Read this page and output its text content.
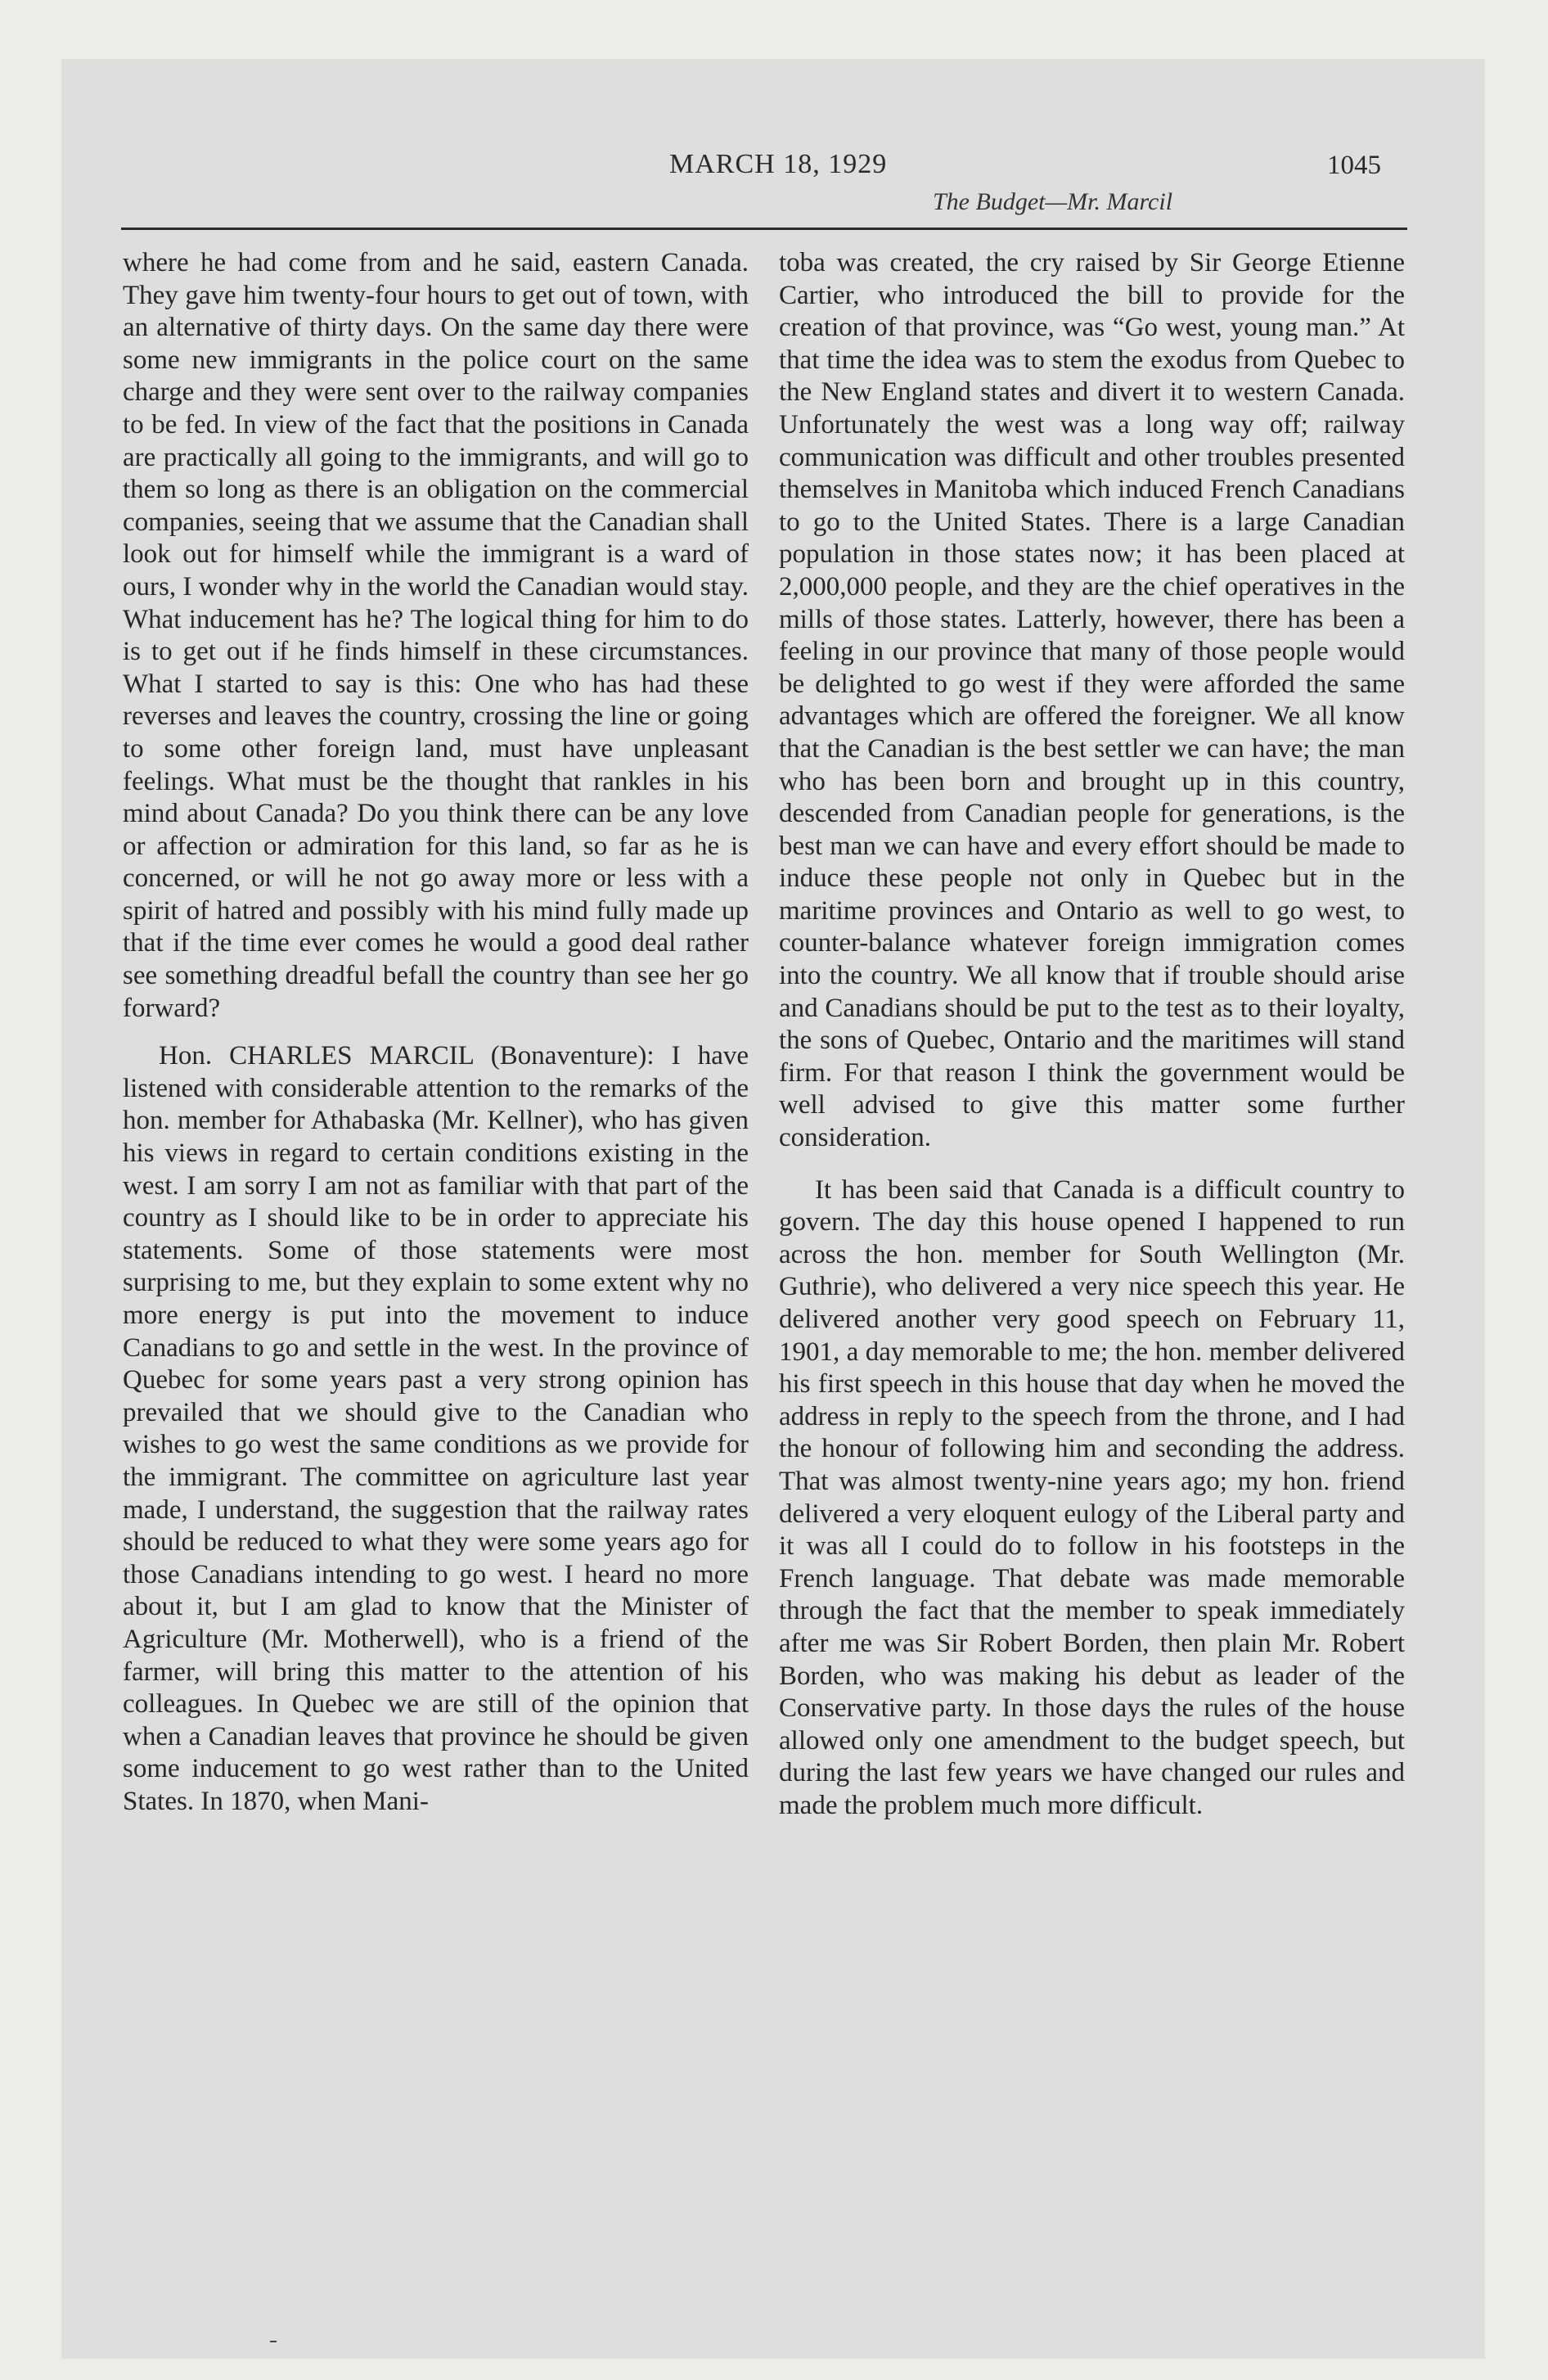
MARCH 18, 1929	1045
The Budget—Mr. Marcil

where he had come from and he said, eastern Canada. They gave him twenty-four hours to get out of town, with an alternative of thirty days. On the same day there were some new immigrants in the police court on the same charge and they were sent over to the railway companies to be fed. In view of the fact that the positions in Canada are practically all going to the immigrants, and will go to them so long as there is an obligation on the commercial companies, seeing that we assume that the Canadian shall look out for himself while the immigrant is a ward of ours, I wonder why in the world the Canadian would stay. What inducement has he? The logical thing for him to do is to get out if he finds himself in these circumstances. What I started to say is this: One who has had these reverses and leaves the country, crossing the line or going to some other foreign land, must have unpleasant feelings. What must be the thought that rankles in his mind about Canada? Do you think there can be any love or affection or admiration for this land, so far as he is concerned, or will he not go away more or less with a spirit of hatred and possibly with his mind fully made up that if the time ever comes he would a good deal rather see something dreadful befall the country than see her go forward?

Hon. CHARLES MARCIL (Bonaventure): I have listened with considerable attention to the remarks of the hon. member for Athabaska (Mr. Kellner), who has given his views in regard to certain conditions existing in the west. I am sorry I am not as familiar with that part of the country as I should like to be in order to appreciate his statements. Some of those statements were most surprising to me, but they explain to some extent why no more energy is put into the movement to induce Canadians to go and settle in the west. In the province of Quebec for some years past a very strong opinion has prevailed that we should give to the Canadian who wishes to go west the same conditions as we provide for the immigrant. The committee on agriculture last year made, I understand, the suggestion that the railway rates should be reduced to what they were some years ago for those Canadians intending to go west. I heard no more about it, but I am glad to know that the Minister of Agriculture (Mr. Motherwell), who is a friend of the farmer, will bring this matter to the attention of his colleagues. In Quebec we are still of the opinion that when a Canadian leaves that province he should be given some inducement to go west rather than to the United States. In 1870, when Mani-

toba was created, the cry raised by Sir George Etienne Cartier, who introduced the bill to provide for the creation of that province, was “Go west, young man.” At that time the idea was to stem the exodus from Quebec to the New England states and divert it to western Canada. Unfortunately the west was a long way off; railway communication was difficult and other troubles presented themselves in Manitoba which induced French Canadians to go to the United States. There is a large Canadian population in those states now; it has been placed at 2,000,000 people, and they are the chief operatives in the mills of those states. Latterly, however, there has been a feeling in our province that many of those people would be delighted to go west if they were afforded the same advantages which are offered the foreigner. We all know that the Canadian is the best settler we can have; the man who has been born and brought up in this country, descended from Canadian people for generations, is the best man we can have and every effort should be made to induce these people not only in Quebec but in the maritime provinces and Ontario as well to go west, to counter-balance whatever foreign immigration comes into the country. We all know that if trouble should arise and Canadians should be put to the test as to their loyalty, the sons of Quebec, Ontario and the maritimes will stand firm. For that reason I think the government would be well advised to give this matter some further consideration.

It has been said that Canada is a difficult country to govern. The day this house opened I happened to run across the hon. member for South Wellington (Mr. Guthrie), who delivered a very nice speech this year. He delivered another very good speech on February 11, 1901, a day memorable to me; the hon. member delivered his first speech in this house that day when he moved the address in reply to the speech from the throne, and I had the honour of following him and seconding the address. That was almost twenty-nine years ago; my hon. friend delivered a very eloquent eulogy of the Liberal party and it was all I could do to follow in his footsteps in the French language. That debate was made memorable through the fact that the member to speak immediately after me was Sir Robert Borden, then plain Mr. Robert Borden, who was making his debut as leader of the Conservative party. In those days the rules of the house allowed only one amendment to the budget speech, but during the last few years we have changed our rules and made the problem much more difficult.
